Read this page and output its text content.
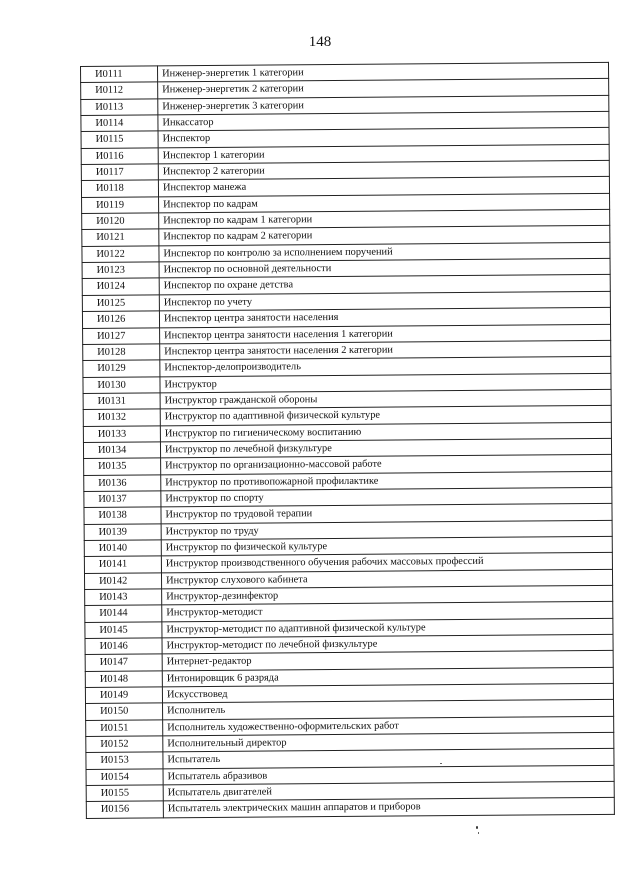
148
И0111	Инженер-энергетик 1 категории
И0112	Инженер-энергетик 2 категории
И0113	Инженер-энергетик 3 категории
И0114	Инкассатор
И0115	Инспектор
И0116	Инспектор 1 категории
И0117	Инспектор 2 категории
И0118	Инспектор манежа
И0119	Инспектор по кадрам
И0120	Инспектор по кадрам 1 категории
И0121	Инспектор по кадрам 2 категории
И0122	Инспектор по контролю за исполнением поручений
И0123	Инспектор по основной деятельности
И0124	Инспектор по охране детства
И0125	Инспектор по учету
И0126	Инспектор центра занятости населения
И0127	Инспектор центра занятости населения 1 категории
И0128	Инспектор центра занятости населения 2 категории
И0129	Инспектор-делопроизводитель
И0130	Инструктор
И0131	Инструктор гражданской обороны
И0132	Инструктор по адаптивной физической культуре
И0133	Инструктор по гигиеническому воспитанию
И0134	Инструктор по лечебной физкультуре
И0135	Инструктор по организационно-массовой работе
И0136	Инструктор по противопожарной профилактике
И0137	Инструктор по спорту
И0138	Инструктор по трудовой терапии
И0139	Инструктор по труду
И0140	Инструктор по физической культуре
И0141	Инструктор производственного обучения рабочих массовых профессий
И0142	Инструктор слухового кабинета
И0143	Инструктор-дезинфектор
И0144	Инструктор-методист
И0145	Инструктор-методист по адаптивной физической культуре
И0146	Инструктор-методист по лечебной физкультуре
И0147	Интернет-редактор
И0148	Интонировщик 6 разряда
И0149	Искусствовед
И0150	Исполнитель
И0151	Исполнитель художественно-оформительских работ
И0152	Исполнительный директор
И0153	Испытатель
И0154	Испытатель абразивов
И0155	Испытатель двигателей
И0156	Испытатель электрических машин аппаратов и приборов
